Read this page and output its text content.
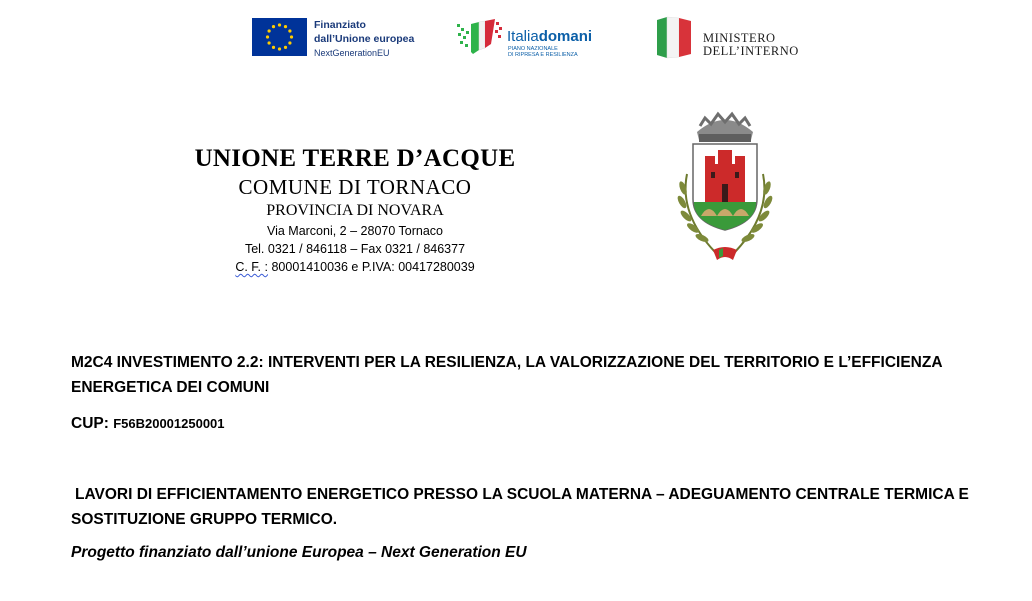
Finanziato
dall’Unione europea
NextGenerationEU
Italiadomani
PIANO NAZIONALE
DI RIPRESA E RESILIENZA
MINISTERO
DELL’INTERNO
UNIONE TERRE D’ACQUE
COMUNE DI TORNACO
PROVINCIA DI NOVARA
Via Marconi, 2 – 28070 Tornaco
Tel. 0321 / 846118 – Fax 0321 / 846377
C. F. : 80001410036 e P.IVA: 00417280039
M2C4 INVESTIMENTO 2.2: INTERVENTI PER LA RESILIENZA, LA VALORIZZAZIONE DEL TERRITORIO E L’EFFICIENZA ENERGETICA DEI COMUNI
CUP: F56B20001250001
LAVORI DI EFFICIENTAMENTO ENERGETICO PRESSO LA SCUOLA MATERNA – ADEGUAMENTO CENTRALE TERMICA E SOSTITUZIONE GRUPPO TERMICO.
Progetto finanziato dall’unione Europea – Next Generation EU
